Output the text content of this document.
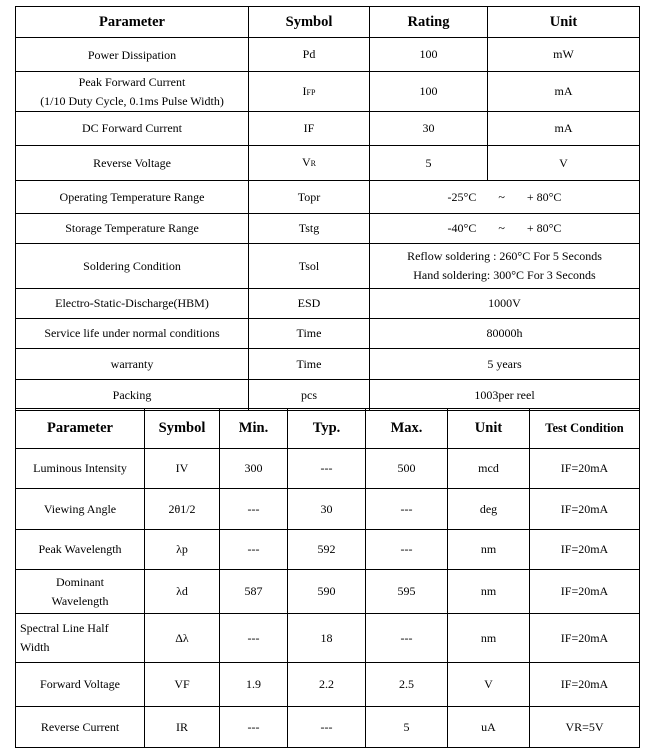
Parameter	Symbol	Rating	Unit
Power Dissipation	Pd	100	mW

Peak Forward Current
(1/10 Duty Cycle, 0.1ms Pulse Width)	IFP	100	mA
DC Forward Current	IF	30	mA
Reverse Voltage	VR	5	V
Operating Temperature Range	Topr	-25°C ~ + 80°C	
Storage Temperature Range	Tstg	-40°C ~ + 80°C	
Soldering Condition	Tsol	Reflow soldering : 260°C For 5 Seconds
Hand soldering: 300°C For 3 Seconds	

Electro-Static-Discharge(HBM)	ESD	1000V	
Service life under normal conditions	Time	80000h	
warranty	Time	5 years	
Packing	pcs	1003per reel	
Parameter	Symbol	Min.	Typ.	Max.	Unit	Test Condition
Luminous Intensity	IV	300	---	500	mcd	IF=20mA
Viewing Angle	2θ1/2	---	30	---	deg	IF=20mA
Peak Wavelength	λp	---	592	---	nm	IF=20mA

Dominant
Wavelength	λd	587	590	595	nm	IF=20mA

Spectral Line Half
Width	Δλ	---	18	---	nm	IF=20mA
Forward Voltage	VF	1.9	2.2	2.5	V	IF=20mA
Reverse Current	IR	---	---	5	uA	VR=5V
